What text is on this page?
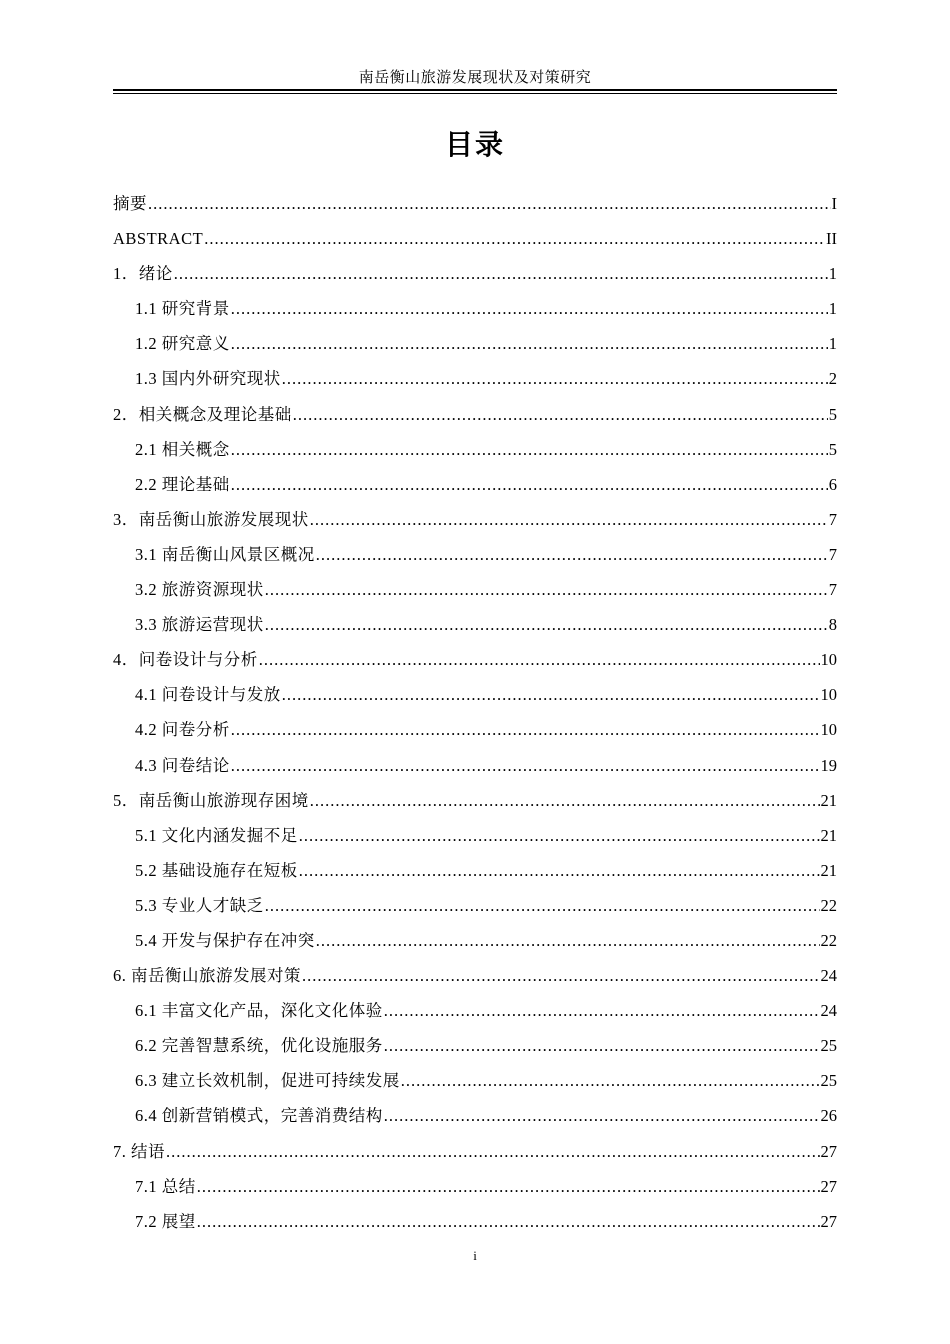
南岳衡山旅游发展现状及对策研究
目录
摘要 .....	I
ABSTRACT .....	II
1．绪论 .....	1
1.1 研究背景 .....	1
1.2 研究意义 .....	1
1.3 国内外研究现状 .....	2
2．相关概念及理论基础 .....	5
2.1 相关概念 .....	5
2.2 理论基础 .....	6
3．南岳衡山旅游发展现状 .....	7
3.1 南岳衡山风景区概况 .....	7
3.2 旅游资源现状 .....	7
3.3 旅游运营现状 .....	8
4．问卷设计与分析 .....	10
4.1 问卷设计与发放 .....	10
4.2 问卷分析 .....	10
4.3 问卷结论 .....	19
5．南岳衡山旅游现存困境 .....	21
5.1 文化内涵发掘不足 .....	21
5.2 基础设施存在短板 .....	21
5.3 专业人才缺乏 .....	22
5.4 开发与保护存在冲突 .....	22
6. 南岳衡山旅游发展对策 .....	24
6.1 丰富文化产品，深化文化体验 .....	24
6.2 完善智慧系统，优化设施服务 .....	25
6.3 建立长效机制，促进可持续发展 .....	25
6.4 创新营销模式，完善消费结构 .....	26
7. 结语 .....	27
7.1 总结 .....	27
7.2 展望 .....	27
i
